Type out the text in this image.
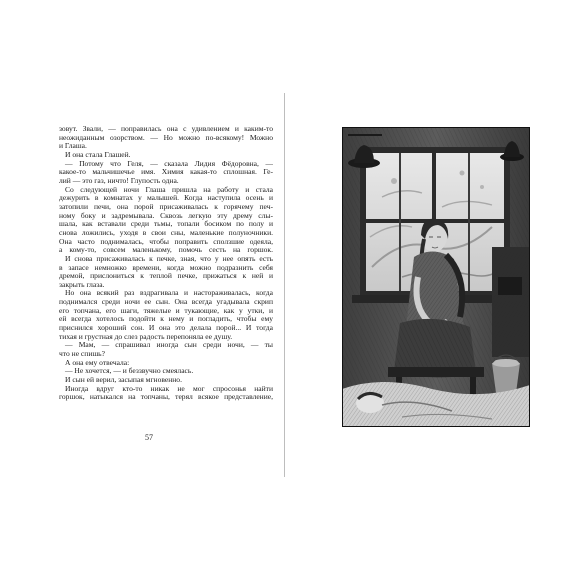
зовут. Звали, — поправилась она с удивлением и каким-то
неожиданным озорством. — Но можно по-всякому! Можно
и Глаша.
И она стала Глашей.
— Потому что Геля, — сказала Лидия Фёдоровна, —
какое-то мальчишечье имя. Химия какая-то сплошная. Ге-
лий — это газ, ничто! Глупость одна.
Со следующей ночи Глаша пришла на работу и стала
дежурить в комнатах у малышей. Когда наступила осень и
затопили печи, она порой присаживалась к горячему печ-
ному боку и задремывала. Сквозь легкую эту дрему слы-
шала, как вставали среди тьмы, топали босиком по полу и
снова ложились, уходя в свои сны, маленькие полуночники.
Она часто поднималась, чтобы поправить сползшие одеяла,
а кому-то, совсем маленькому, помочь сесть на горшок.
И снова присаживалась к печке, зная, что у нее опять есть
в запасе немножко времени, когда можно подразнить себя
дремой, прислониться к теплой печке, прижаться к ней и
закрыть глаза.
Но она всякий раз вздрагивала и настораживалась, когда
поднимался среди ночи ее сын. Она всегда угадывала скрип
его топчана, его шаги, тяжелые и тукающие, как у утки, и
ей всегда хотелось подойти к нему и погладить, чтобы ему
приснился хороший сон. И она это делала порой... И тогда
тихая и грустная до слез радость перепоняла ее душу.
— Мам, — спрашивал иногда сын среди ночи, — ты
что не спишь?
А она ему отвечала:
— Не хочется, — и беззвучно смеялась.
И сын ей верил, засыпая мгновенно.
Иногда вдруг кто-то никак не мог спросонья найти
горшок, натыкался на топчаны, терял всякое представление,
57
